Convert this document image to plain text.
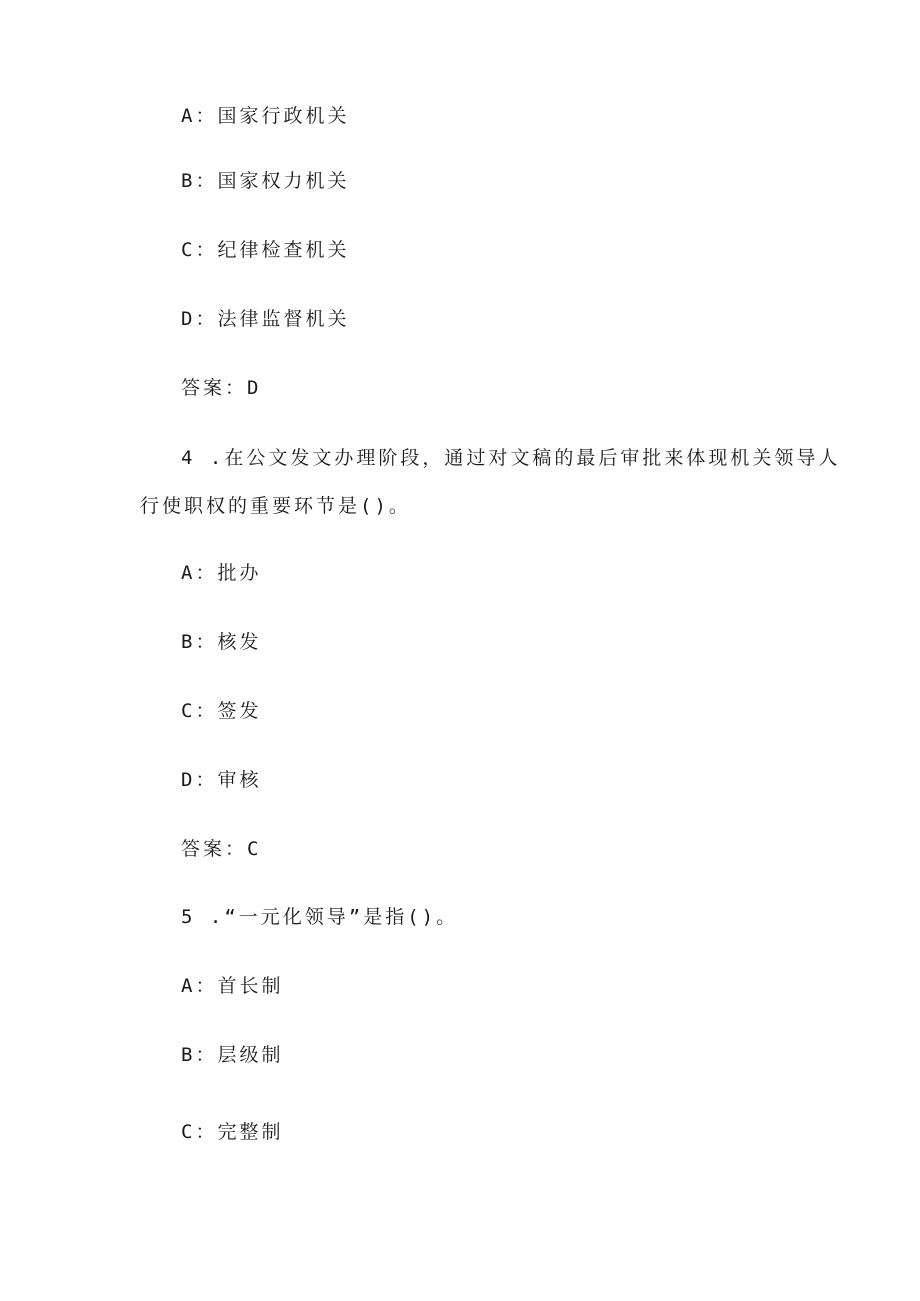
A：国家行政机关
B：国家权力机关
C：纪律检查机关
D：法律监督机关
答案：D
4 .在公文发文办理阶段，通过对文稿的最后审批来体现机关领导人
行使职权的重要环节是()。
A：批办
B：核发
C：签发
D：审核
答案：C
5 .“一元化领导”是指()。
A：首长制
B：层级制
C：完整制
